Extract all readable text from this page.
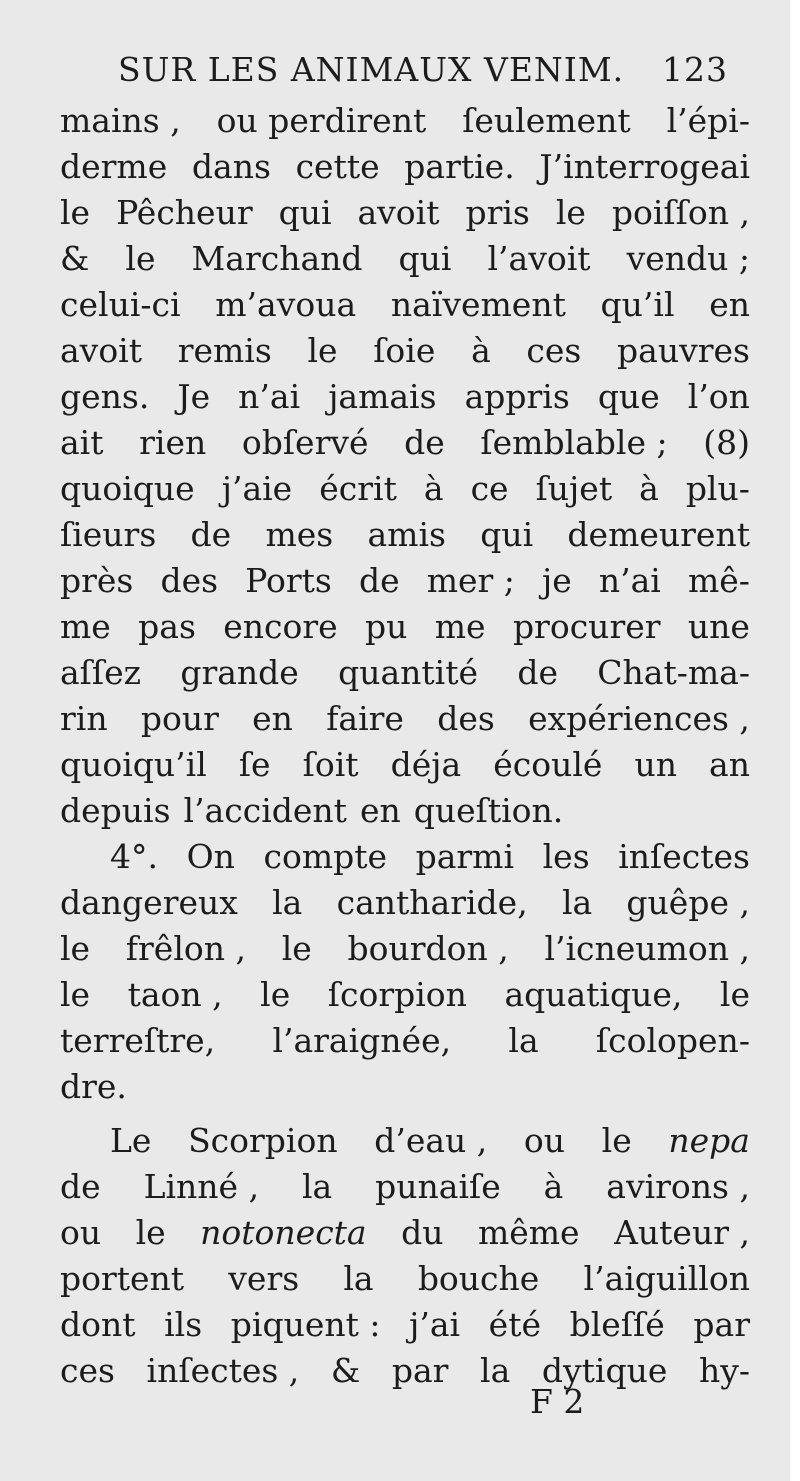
SUR LES ANIMAUX VENIM. 123
mains , ou perdirent ſeulement l’épi-
derme dans cette partie. J’interrogeai
le Pêcheur qui avoit pris le poiſſon ,
& le Marchand qui l’avoit vendu ;
celui-ci m’avoua naïvement qu’il en
avoit remis le ſoie à ces pauvres
gens. Je n’ai jamais appris que l’on
ait rien obſervé de ſemblable ; (8)
quoique j’aie écrit à ce ſujet à plu-
ſieurs de mes amis qui demeurent
près des Ports de mer ; je n’ai mê-
me pas encore pu me procurer une
aſſez grande quantité de Chat-ma-
rin pour en faire des expériences ,
quoiqu’il ſe ſoit déja écoulé un an
depuis l’accident en queſtion.
4°. On compte parmi les inſectes
dangereux la cantharide, la guêpe ,
le frêlon , le bourdon , l’icneumon ,
le taon , le ſcorpion aquatique, le
terreſtre, l’araignée, la ſcolopen-
dre.
Le Scorpion d’eau , ou le nepa
de Linné , la punaiſe à avirons ,
ou le notonecta du même Auteur ,
portent vers la bouche l’aiguillon
dont ils piquent : j’ai été bleſſé par
ces inſectes , & par la dytique hy-
F 2
